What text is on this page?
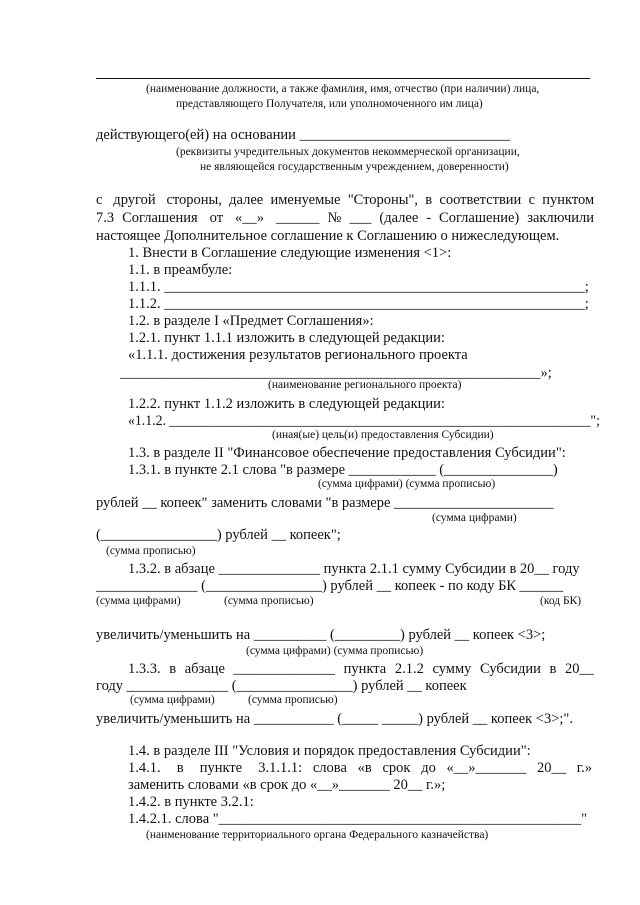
(наименование должности, а также фамилия, имя, отчество (при наличии) лица,
представляющего Получателя, или уполномоченного им лица)
действующего(ей) на основании _____________________________
(реквизиты учредительных документов некоммерческой организации,
не являющейся государственным учреждением, доверенности)
с   другой   стороны,  далее  именуемые  "Стороны",  в  соответствии  с  пунктом
7.3  Соглашения   от   «__»   ______  №  ___  (далее  -  Соглашение)  заключили
настоящее Дополнительное соглашение к Соглашению о нижеследующем.
1. Внести в Соглашение следующие изменения <1>:
1.1. в преамбуле:
1.1.1. __________________________________________________________;
1.1.2. __________________________________________________________;
1.2. в разделе I «Предмет Соглашения»:
1.2.1. пункт 1.1.1 изложить в следующей редакции:
«1.1.1. достижения результатов регионального проекта
__________________________________________________________»;
(наименование регионального проекта)
1.2.2. пункт 1.1.2 изложить в следующей редакции:
«1.1.2. _____________________________________________________________";
(иная(ые) цель(и) предоставления Субсидии)
1.3. в разделе II "Финансовое обеспечение предоставления Субсидии":
1.3.1. в пункте 2.1 слова "в размере ____________ (_______________)
(сумма цифрами) (сумма прописью)
рублей __ копеек" заменить словами "в размере ______________________
(сумма цифрами)
(________________) рублей __ копеек";
(сумма прописью)
1.3.2. в абзаце ______________ пункта 2.1.1 сумму Субсидии в 20__ году
______________ (________________) рублей __ копеек - по коду БК ______
(сумма цифрами)	(сумма прописью)	(код БК)
увеличить/уменьшить на __________ (_________) рублей __ копеек <3>;
(сумма цифрами) (сумма прописью)
1.3.3.  в  абзаце  ______________  пункта  2.1.2  сумму  Субсидии  в  20__
году ______________ (________________) рублей __ копеек
(сумма цифрами)	(сумма прописью)
увеличить/уменьшить на ___________ (_____ _____) рублей __ копеек <3>;".
1.4. в разделе III "Условия и порядок предоставления Субсидии":
1.4.1.   в   пункте   3.1.1.1:  слова  «в  срок  до  «__»_______  20__  г.»
заменить словами «в срок до «__»_______ 20__ г.»;
1.4.2. в пункте 3.2.1:
1.4.2.1. слова "__________________________________________________"
(наименование территориального органа Федерального казначейства)
